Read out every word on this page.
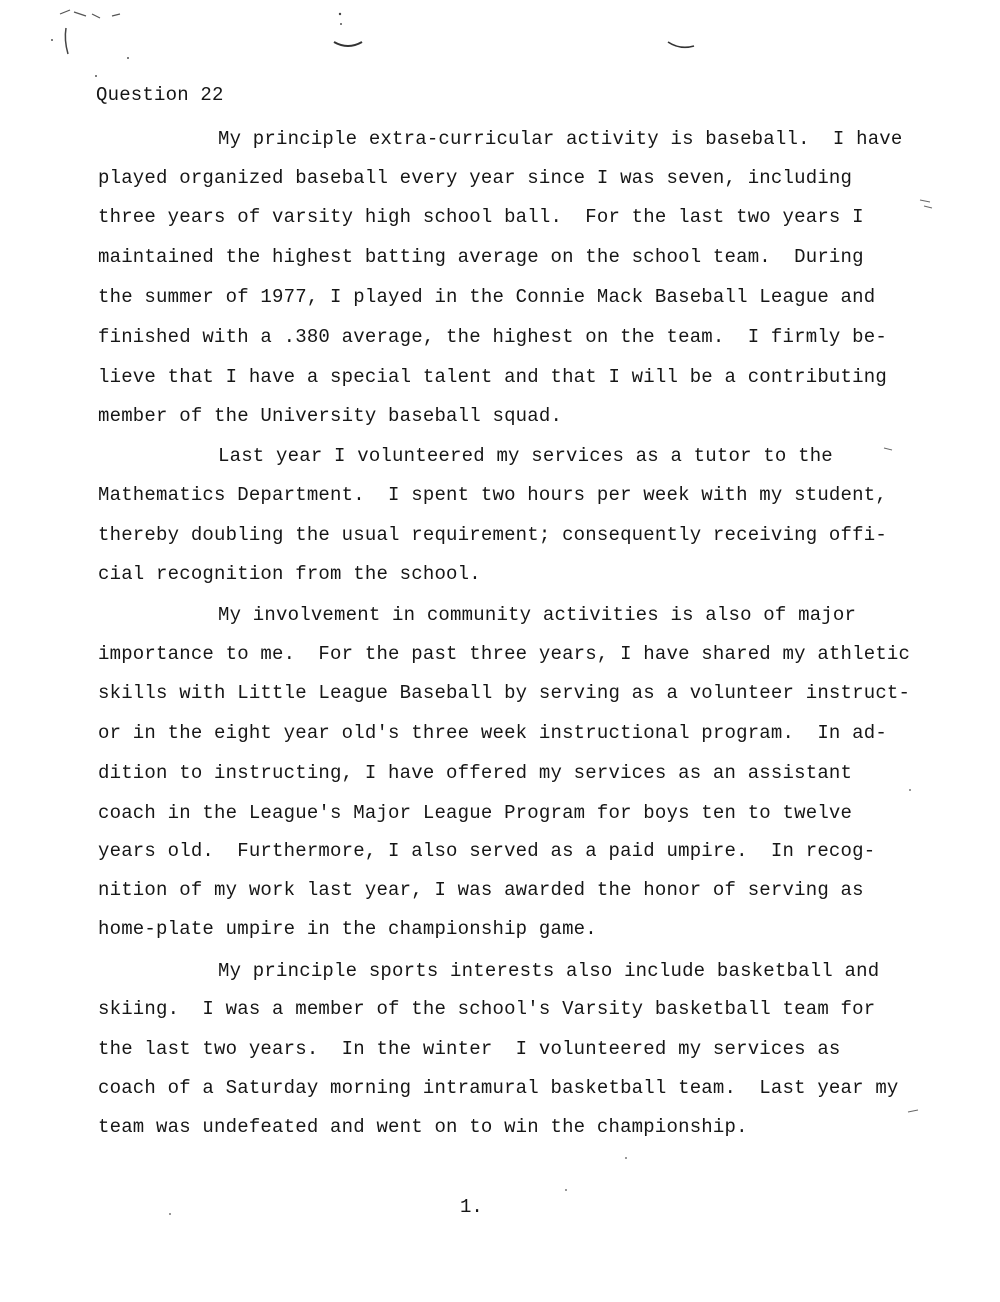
Question 22
My principle extra-curricular activity is baseball.  I have
played organized baseball every year since I was seven, including
three years of varsity high school ball.  For the last two years I
maintained the highest batting average on the school team.  During
the summer of 1977, I played in the Connie Mack Baseball League and
finished with a .380 average, the highest on the team.  I firmly be-
lieve that I have a special talent and that I will be a contributing
member of the University baseball squad.
Last year I volunteered my services as a tutor to the
Mathematics Department.  I spent two hours per week with my student,
thereby doubling the usual requirement; consequently receiving offi-
cial recognition from the school.
My involvement in community activities is also of major
importance to me.  For the past three years, I have shared my athletic
skills with Little League Baseball by serving as a volunteer instruct-
or in the eight year old's three week instructional program.  In ad-
dition to instructing, I have offered my services as an assistant
coach in the League's Major League Program for boys ten to twelve
years old.  Furthermore, I also served as a paid umpire.  In recog-
nition of my work last year, I was awarded the honor of serving as
home-plate umpire in the championship game.
My principle sports interests also include basketball and
skiing.  I was a member of the school's Varsity basketball team for
the last two years.  In the winter  I volunteered my services as
coach of a Saturday morning intramural basketball team.  Last year my
team was undefeated and went on to win the championship.
1.
